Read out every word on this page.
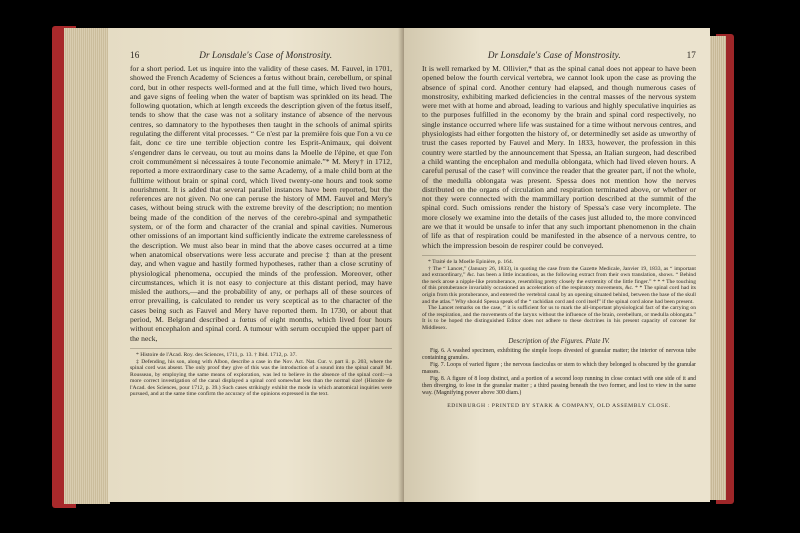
16	Dr Lonsdale's Case of Monstrosity.

for a short period. Let us inquire into the validity of these cases. M. Fauvel, in 1701, showed the French Academy of Sciences a fœtus without brain, cerebellum, or spinal cord, but in other respects well-formed and at the full time, which lived two hours, and gave signs of feeling when the water of baptism was sprinkled on its head. The following quotation, which at length exceeds the description given of the fœtus itself, tends to show that the case was not a solitary instance of absence of the nervous centres, so damnatory to the hypotheses then taught in the schools of animal spirits regulating the different vital processes. “ Ce n'est par la première fois que l'on a vu ce fait, donc ce tire une terrible objection contre les Esprit-Animaux, qui doivent s'engendrer dans le cerveau, ou tout au moins dans la Moelle de l'épine, et que l'on croit communément si nécessaires à toute l'economie animale.”* M. Mery† in 1712, reported a more extraordinary case to the same Academy, of a male child born at the fulltime without brain or spinal cord, which lived twenty-one hours and took some nourishment. It is added that several parallel instances have been reported, but the references are not given. No one can peruse the history of MM. Fauvel and Mery's cases, without being struck with the extreme brevity of the description; no mention being made of the condition of the nerves of the cerebro-spinal and sympathetic system, or of the form and character of the cranial and spinal cavities. Numerous other omissions of an important kind sufficiently indicate the extreme carelessness of the description. We must also bear in mind that the above cases occurred at a time when anatomical observations were less accurate and precise ‡ than at the present day, and when vague and hastily formed hypotheses, rather than a close scrutiny of physiological phenomena, occupied the minds of the profession. Moreover, other circumstances, which it is not easy to conjecture at this distant period, may have misled the authors,—and the probability of any, or perhaps all of these sources of error prevailing, is calculated to render us very sceptical as to the character of the cases being such as Fauvel and Mery have reported them. In 1730, or about that period, M. Belgrand described a fœtus of eight months, which lived four hours without encephalon and spinal cord. A tumour with serum occupied the upper part of the neck,

* Histoire de l'Acad. Roy. des Sciences, 1711, p. 13. † Ibid. 1712, p. 37.

‡ Defending, his son, along with Albon, describe a case in the Nov. Act. Nat. Cur. v. part ii. p. 203, where the spinal cord was absent. The only proof they give of this was the introduction of a sound into the spinal canal! M. Rousseau, by employing the same means of exploration, was led to believe in the absence of the spinal cord:—a more correct investigation of the canal displayed a spinal cord somewhat less than the normal size! (Histoire de l'Acad. des Sciences, pour 1712, p. 39.) Such cases strikingly exhibit the mode in which anatomical inquiries were pursued, and at the same time confirm the accuracy of the opinions expressed in the text.

Dr Lonsdale's Case of Monstrosity.	17

It is well remarked by M. Ollivier,* that as the spinal canal does not appear to have been opened below the fourth cervical vertebra, we cannot look upon the case as proving the absence of spinal cord. Another century had elapsed, and though numerous cases of monstrosity, exhibiting marked deficiencies in the central masses of the nervous system were met with at home and abroad, leading to various and highly speculative inquiries as to the purposes fulfilled in the economy by the brain and spinal cord respectively, no single instance occurred where life was sustained for a time without nervous centres, and physiologists had either forgotten the history of, or determinedly set aside as unworthy of trust the cases reported by Fauvel and Mery. In 1833, however, the profession in this country were startled by the announcement that Spessa, an Italian surgeon, had described a child wanting the encephalon and medulla oblongata, which had lived eleven hours. A careful perusal of the case† will convince the reader that the greater part, if not the whole, of the medulla oblongata was present. Spessa does not mention how the nerves distributed on the organs of circulation and respiration terminated above, or whether or not they were connected with the mammillary portion described at the summit of the spinal cord. Such omissions render the history of Spessa's case very incomplete. The more closely we examine into the details of the cases just alluded to, the more convinced are we that it would be unsafe to infer that any such important phenomenon in the chain of life as that of respiration could be manifested in the absence of a nervous centre, to which the impression besoin de respirer could be conveyed.

* Traité de la Moelle Epinière, p. 164.

† The “ Lancet,” (January 26, 1833), in quoting the case from the Gazette Medicale, Janvier 19, 1833, as “ important and extraordinary,” &c. has been a little incautious, as the following extract from their own translation, shows. “ Behind the neck arose a nipple-like protuberance, resembling pretty closely the extremity of the little finger.” * * * The touching of this protuberance invariably occasioned an acceleration of the respiratory movements, &c. * * The spinal cord had its origin from this protuberance, and entered the vertebral canal by an opening situated behind, between the base of the skull and the atlas.” Why should Spessa speak of the “ rachidian cord and cord itself” if the spinal cord alone had been present.

The Lancet remarks on the case, “ it is sufficient for us to mark the all-important physiological fact of the carrying on of the respiration, and the movements of the larynx without the influence of the brain, cerebellum, or medulla oblongata.” It is to be hoped the distinguished Editor does not adhere to these doctrines in his present capacity of coroner for Middlesex.

Description of the Figures. Plate IV.

Fig. 6. A washed specimen, exhibiting the simple loops divested of granular matter; the interior of nervous tube containing granules.

Fig. 7. Loops of varied figure ; the nervous fasciculus or stem to which they belonged is obscured by the granular masses.

Fig. 8. A figure of 8 loop distinct, and a portion of a second loop running in close contact with one side of it and then diverging, to lose in the granular matter ; a third passing beneath the two former, and lost to view in the same way. (Magnifying power above 300 diam.)

EDINBURGH : PRINTED BY STARK & COMPANY, OLD ASSEMBLY CLOSE.
